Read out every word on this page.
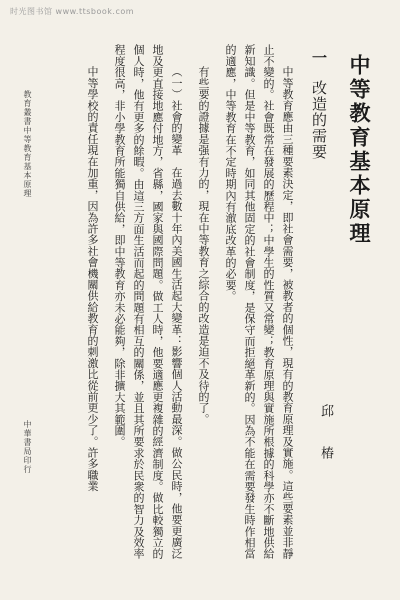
时光图书馆 www.ttsbook.com
中等教育基本原理
一改造的需要
中等教育應由三種要素決定，即社會需要，被教者的個性，現有的教育原理及實施。這些要素並非靜止不變的。社會既常在發展的歷程中；中學生的性質又常變；教育原理與實施所根據的科學亦不斷地供給新知識。但是中等教育，如同其他固定的社會制度，是保守而拒絕革新的。因為不能在需要發生時作相當的適應，中等教育在不定時期內有澈底改革的必要。
有些要的證據是强有力的，現在中等教育之綜合的改造是迫不及待的了。
（一）社會的變革　在過去數十年內美國生活起大變革：影響個人活動最深。做公民時，他要更廣泛地及更直接地應付地方，省縣，國家與國際問題。做工人時，他要適應更複雜的經濟制度。做比較獨立的個人時，他有更多的餘暇。由這三方面生活而起的問題有相互的關係，並且其所要求於民衆的智力及效率程度很高，非小學教育所能獨自供給，即中等教育亦未必能夠，除非擴大其範圍。
中等學校的責任現在加重，因為許多社會機關供給教育的刺激比從前更少了。許多職業	邱　椿
教育叢書中等教育基本原理中華書局印行
